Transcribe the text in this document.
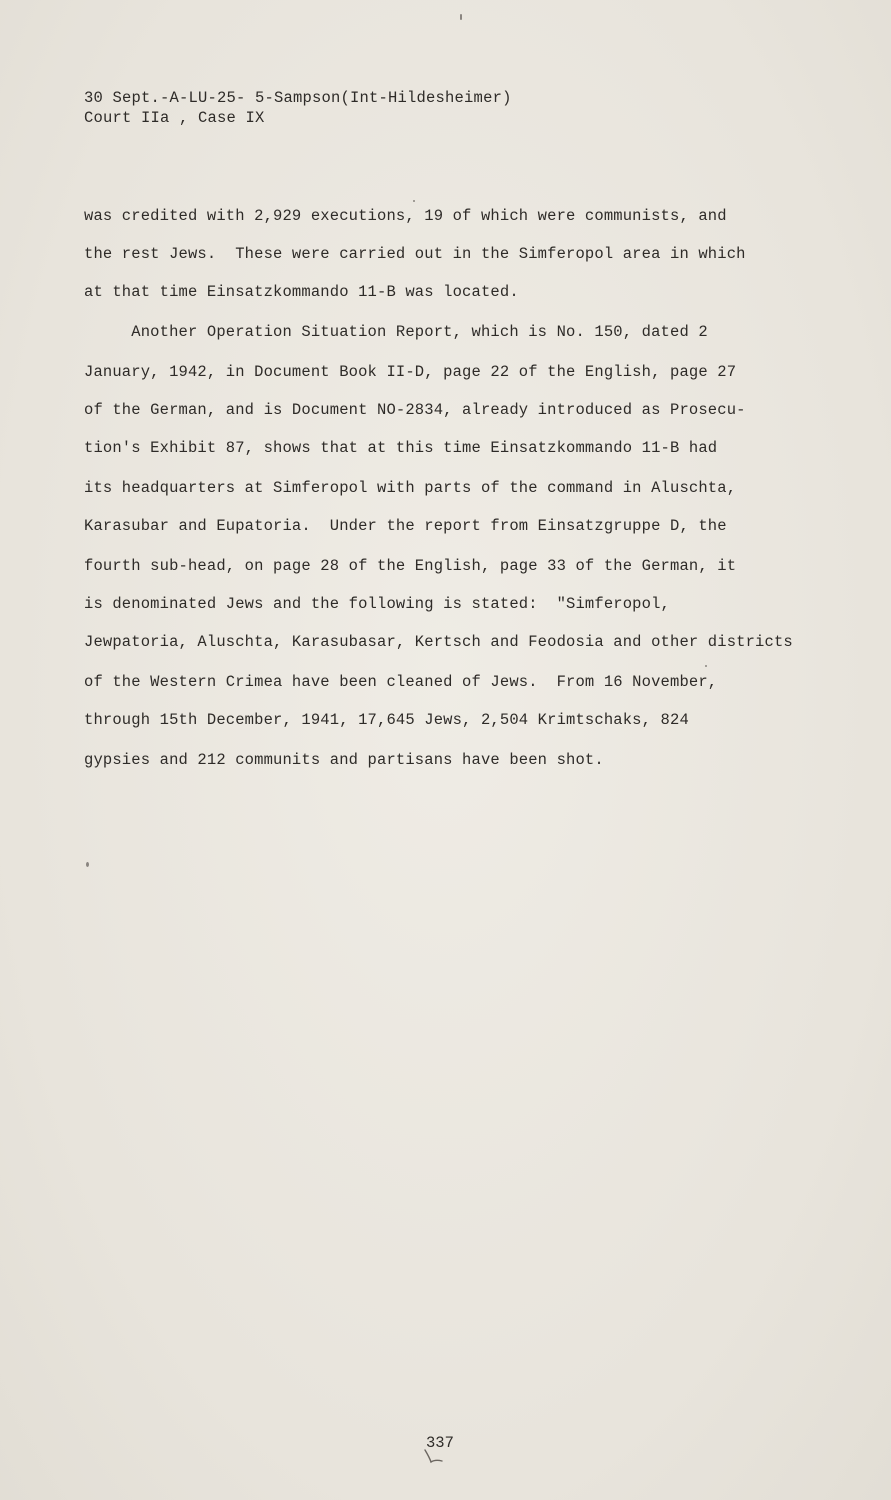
30 Sept.-A-LU-25- 5-Sampson(Int-Hildesheimer)
Court IIa , Case IX
was credited with 2,929 executions, 19 of which were communists, and
the rest Jews.  These were carried out in the Simferopol area in which
at that time Einsatzkommando 11-B was located.
Another Operation Situation Report, which is No. 150, dated 2
January, 1942, in Document Book II-D, page 22 of the English, page 27
of the German, and is Document NO-2834, already introduced as Prosecu-
tion's Exhibit 87, shows that at this time Einsatzkommando 11-B had
its headquarters at Simferopol with parts of the command in Aluschta,
Karasubar and Eupatoria.  Under the report from Einsatzgruppe D, the
fourth sub-head, on page 28 of the English, page 33 of the German, it
is denominated Jews and the following is stated:  "Simferopol,
Jewpatoria, Aluschta, Karasubasar, Kertsch and Feodosia and other districts
of the Western Crimea have been cleaned of Jews.  From 16 November,
through 15th December, 1941, 17,645 Jews, 2,504 Krimtschaks, 824
gypsies and 212 communits and partisans have been shot.
337
